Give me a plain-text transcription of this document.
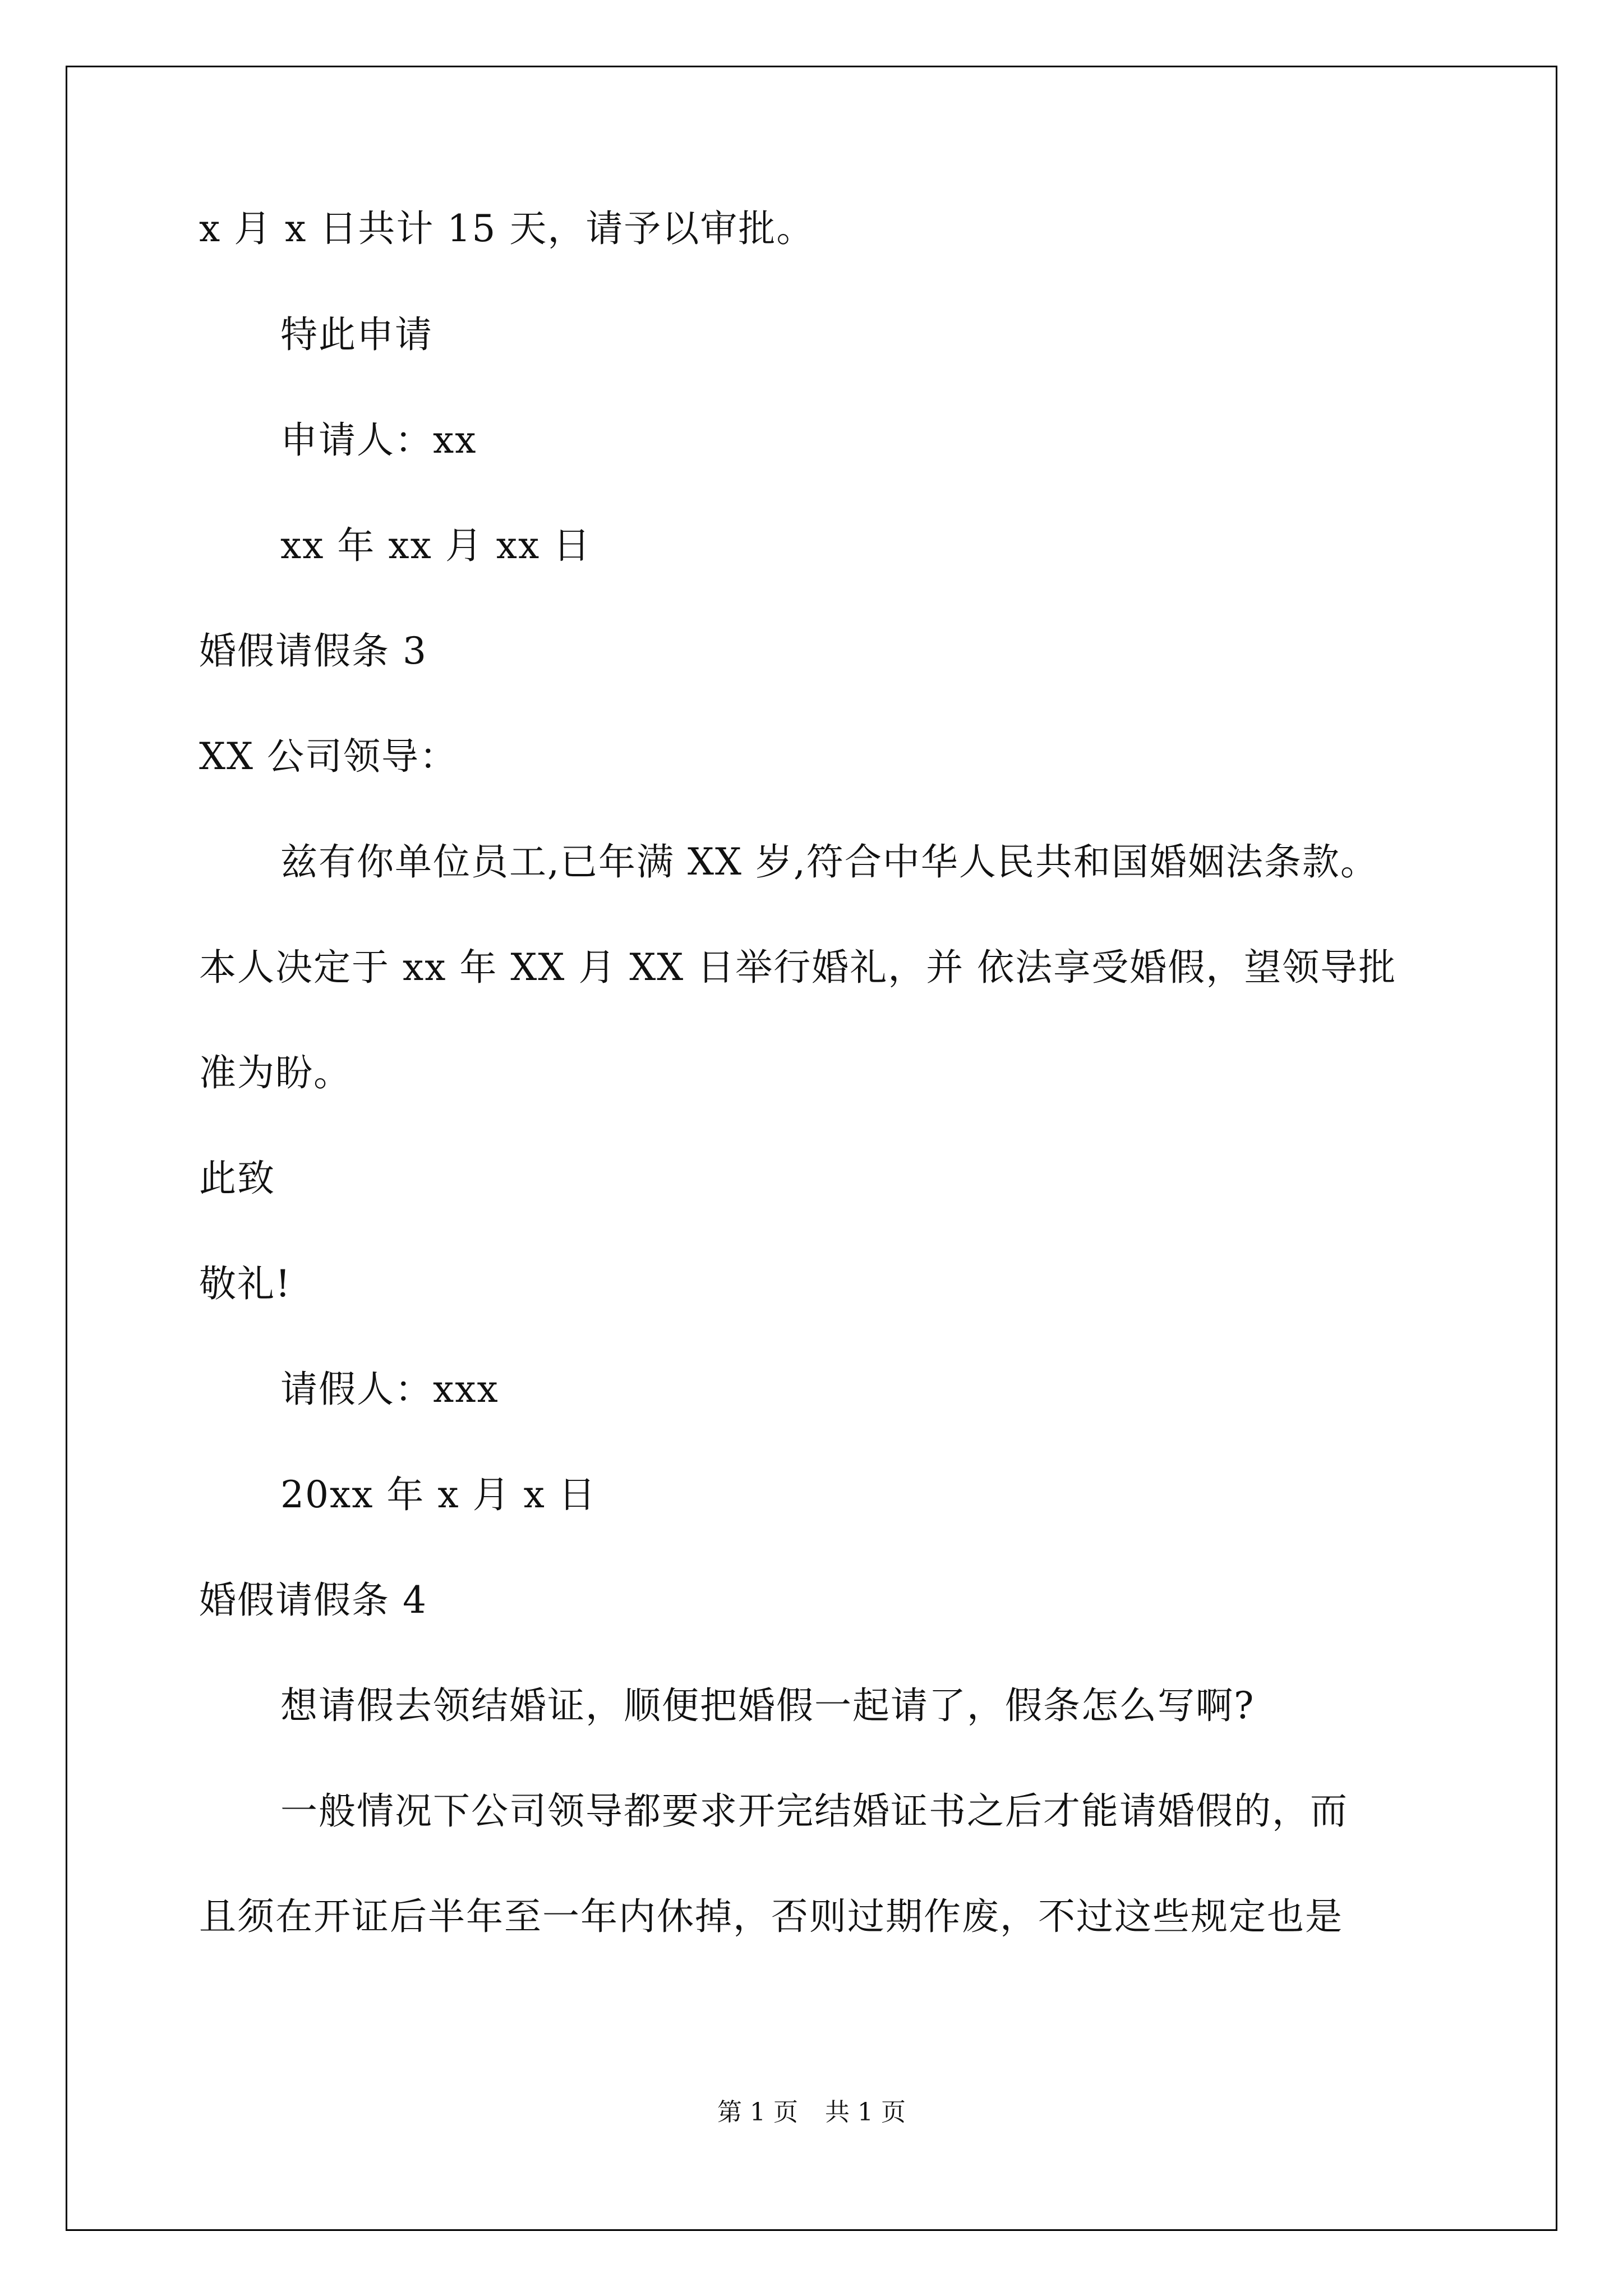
x 月 x 日共计 15 天，请予以审批。
特此申请
申请人：xx
xx 年 xx 月 xx 日
婚假请假条 3
XX 公司领导：
兹有你单位员工,已年满 XX 岁,符合中华人民共和国婚姻法条款。
本人决定于 xx 年 XX 月 XX 日举行婚礼，并 依法享受婚假，望领导批
准为盼。
此致
敬礼!
请假人：xxx
20xx 年 x 月 x 日
婚假请假条 4
想请假去领结婚证，顺便把婚假一起请了，假条怎么写啊?
一般情况下公司领导都要求开完结婚证书之后才能请婚假的，而
且须在开证后半年至一年内休掉，否则过期作废，不过这些规定也是
第 1 页 共 1 页
